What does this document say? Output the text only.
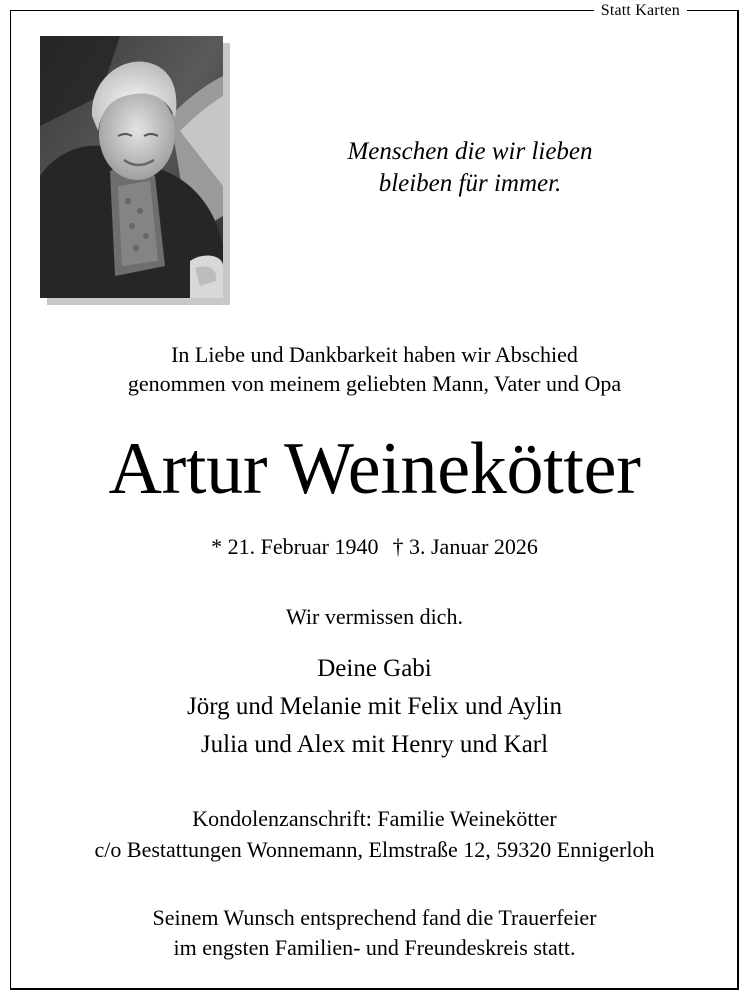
Statt Karten
Menschen die wir lieben
bleiben für immer.
In Liebe und Dankbarkeit haben wir Abschied
genommen von meinem geliebten Mann, Vater und Opa
Artur Weinekötter
* 21. Februar 1940 † 3. Januar 2026
Wir vermissen dich.
Deine Gabi
Jörg und Melanie mit Felix und Aylin
Julia und Alex mit Henry und Karl
Kondolenzanschrift: Familie Weinekötter
c/o Bestattungen Wonnemann, Elmstraße 12, 59320 Ennigerloh
Seinem Wunsch entsprechend fand die Trauerfeier
im engsten Familien- und Freundeskreis statt.
